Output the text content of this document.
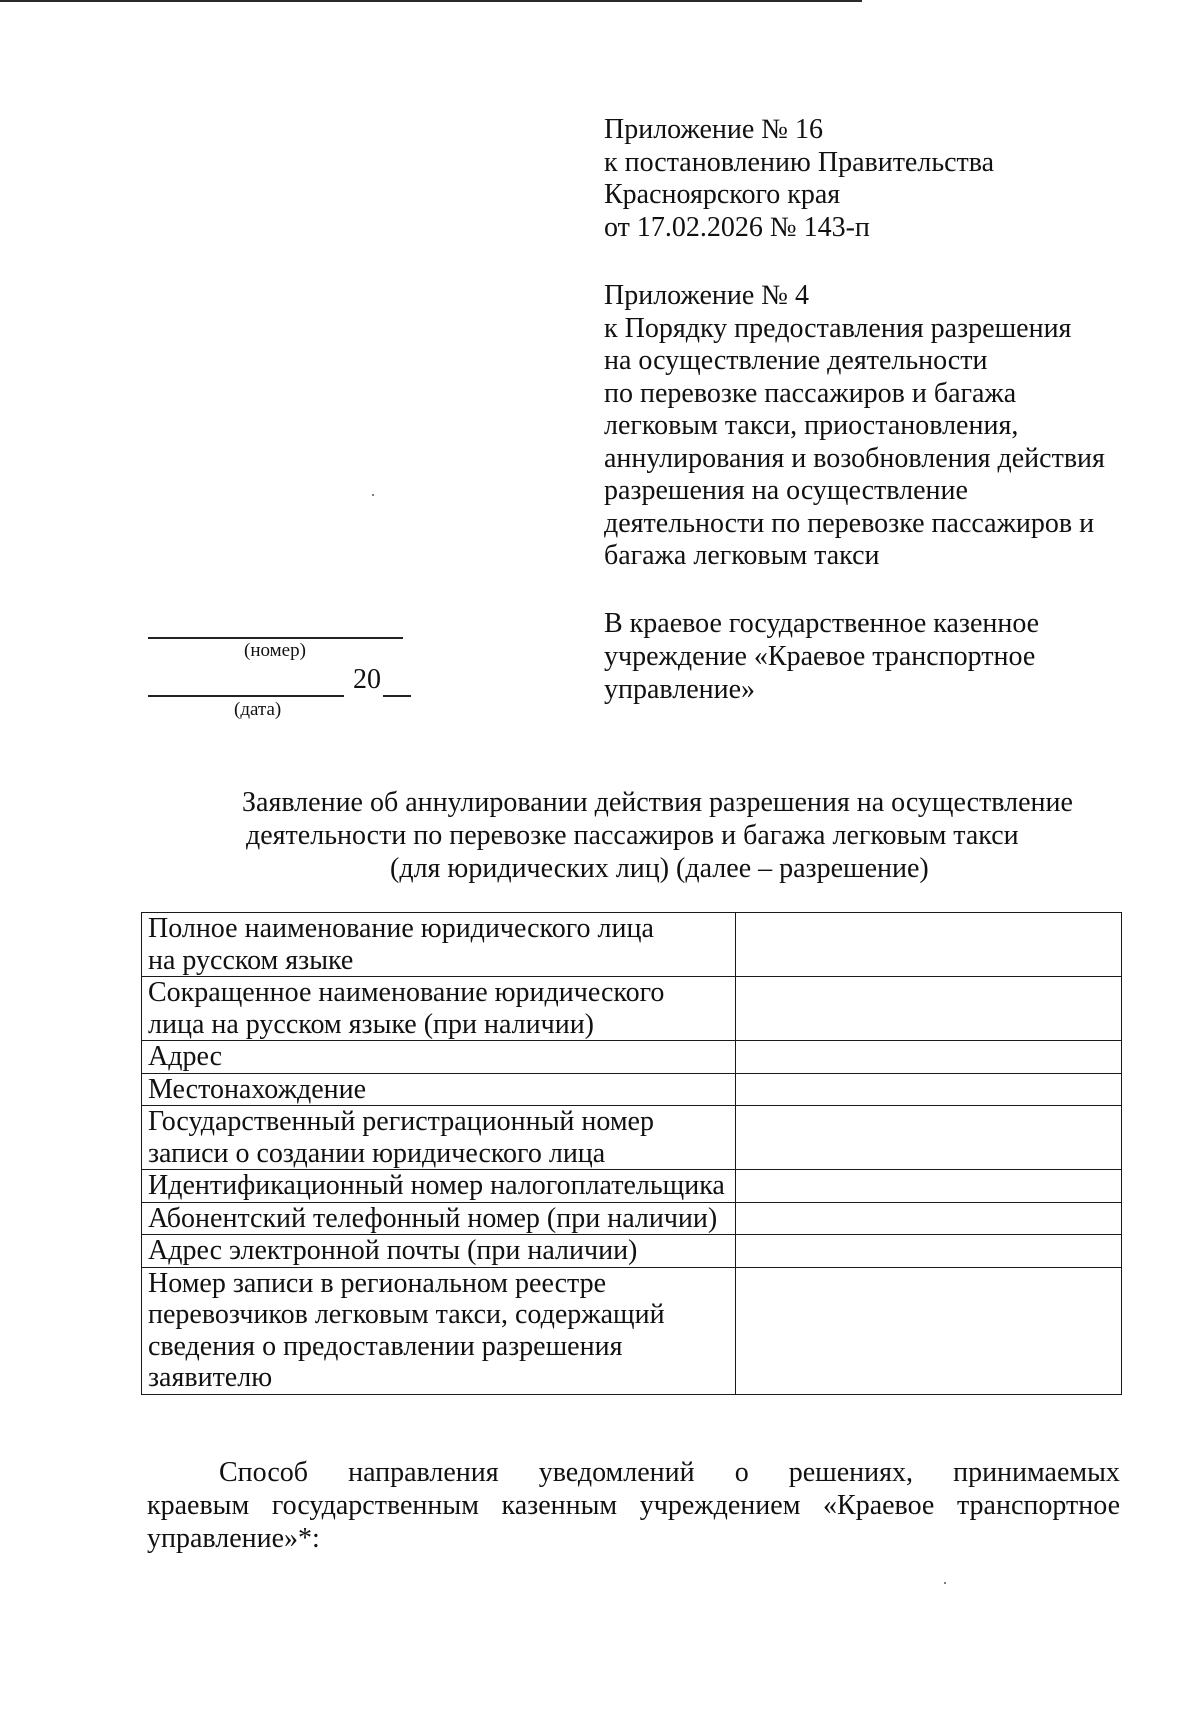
Приложение № 16
к постановлению Правительства
Красноярского края
от 17.02.2026 № 143-п
Приложение № 4
к Порядку предоставления разрешения
на осуществление деятельности
по перевозке пассажиров и багажа
легковым такси, приостановления,
аннулирования и возобновления действия
разрешения на осуществление
деятельности по перевозке пассажиров и
багажа легковым такси
В краевое государственное казенное
учреждение «Краевое транспортное
управление»
(номер)
20
(дата)
Заявление об аннулировании действия разрешения на осуществление
деятельности по перевозке пассажиров и багажа легковым такси
(для юридических лиц) (далее – разрешение)
Полное наименование юридического лица
на русском языке	

Сокращенное наименование юридического
лица на русском языке (при наличии)	

Адрес	

Местонахождение	

Государственный регистрационный номер
записи о создании юридического лица	

Идентификационный номер налогоплательщика	

Абонентский телефонный номер (при наличии)	

Адрес электронной почты (при наличии)	

Номер записи в региональном реестре
перевозчиков легковым такси, содержащий
сведения о предоставлении разрешения
заявителю	

Способ направления уведомлений о решениях, принимаемых
краевым государственным казенным учреждением «Краевое транспортное
управление»*:
